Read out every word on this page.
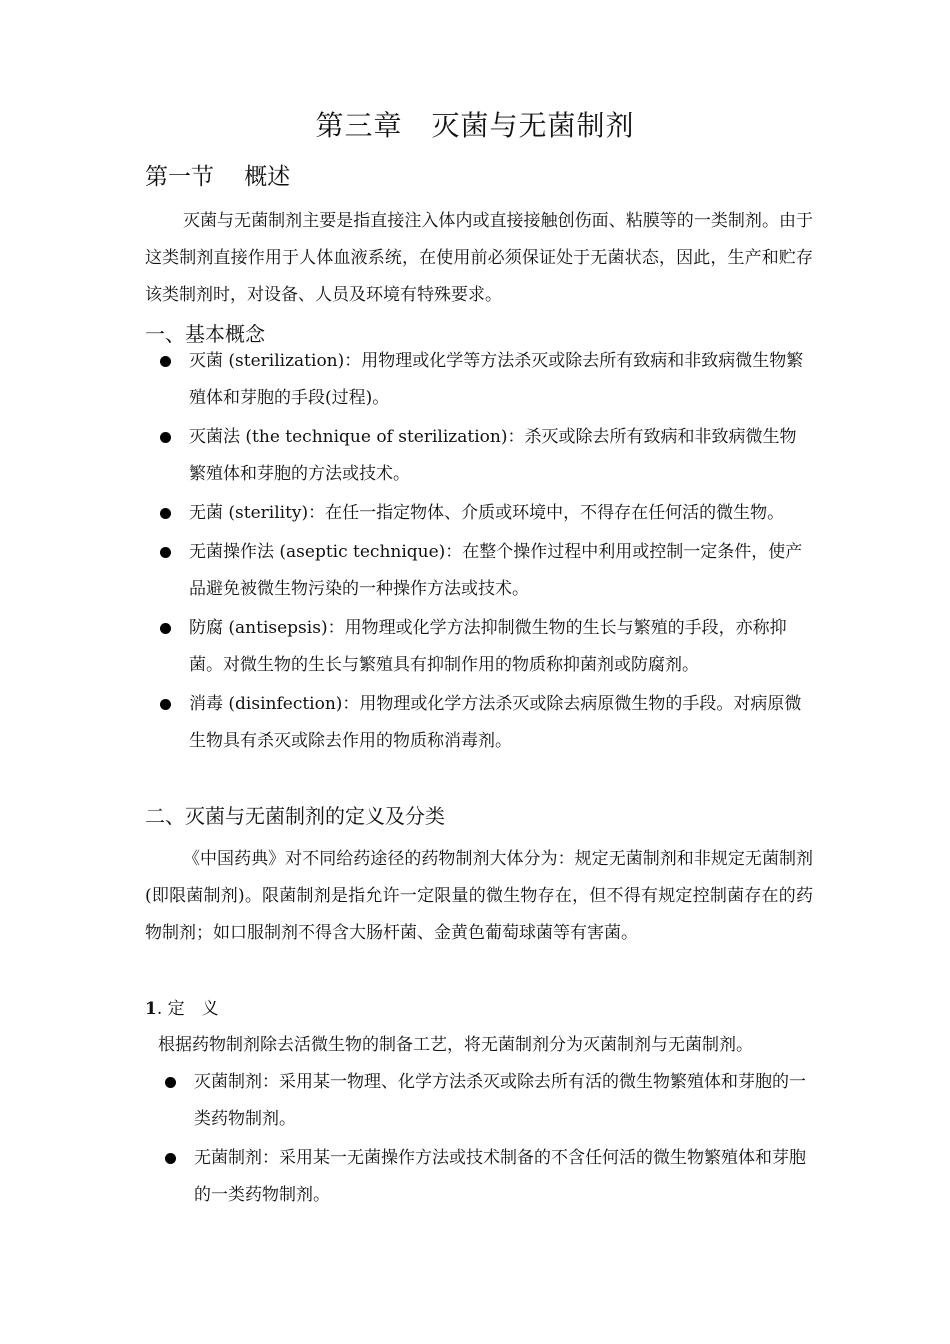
第三章　灭菌与无菌制剂
第一节　 概述

灭菌与无菌制剂主要是指直接注入体内或直接接触创伤面、粘膜等的一类制剂。由于这类制剂直接作用于人体血液系统，在使用前必须保证处于无菌状态，因此，生产和贮存该类制剂时，对设备、人员及环境有特殊要求。

一、基本概念
灭菌 (sterilization)：用物理或化学等方法杀灭或除去所有致病和非致病微生物繁殖体和芽胞的手段(过程)。
灭菌法 (the technique of sterilization)：杀灭或除去所有致病和非致病微生物繁殖体和芽胞的方法或技术。
无菌 (sterility)：在任一指定物体、介质或环境中，不得存在任何活的微生物。
无菌操作法 (aseptic technique)：在整个操作过程中利用或控制一定条件，使产品避免被微生物污染的一种操作方法或技术。
防腐 (antisepsis)：用物理或化学方法抑制微生物的生长与繁殖的手段，亦称抑菌。对微生物的生长与繁殖具有抑制作用的物质称抑菌剂或防腐剂。
消毒 (disinfection)：用物理或化学方法杀灭或除去病原微生物的手段。对病原微生物具有杀灭或除去作用的物质称消毒剂。
二、灭菌与无菌制剂的定义及分类

《中国药典》对不同给药途径的药物制剂大体分为：规定无菌制剂和非规定无菌制剂(即限菌制剂)。限菌制剂是指允许一定限量的微生物存在，但不得有规定控制菌存在的药物制剂；如口服制剂不得含大肠杆菌、金黄色葡萄球菌等有害菌。

1. 定　义

根据药物制剂除去活微生物的制备工艺，将无菌制剂分为灭菌制剂与无菌制剂。

灭菌制剂：采用某一物理、化学方法杀灭或除去所有活的微生物繁殖体和芽胞的一类药物制剂。
无菌制剂：采用某一无菌操作方法或技术制备的不含任何活的微生物繁殖体和芽胞的一类药物制剂。
